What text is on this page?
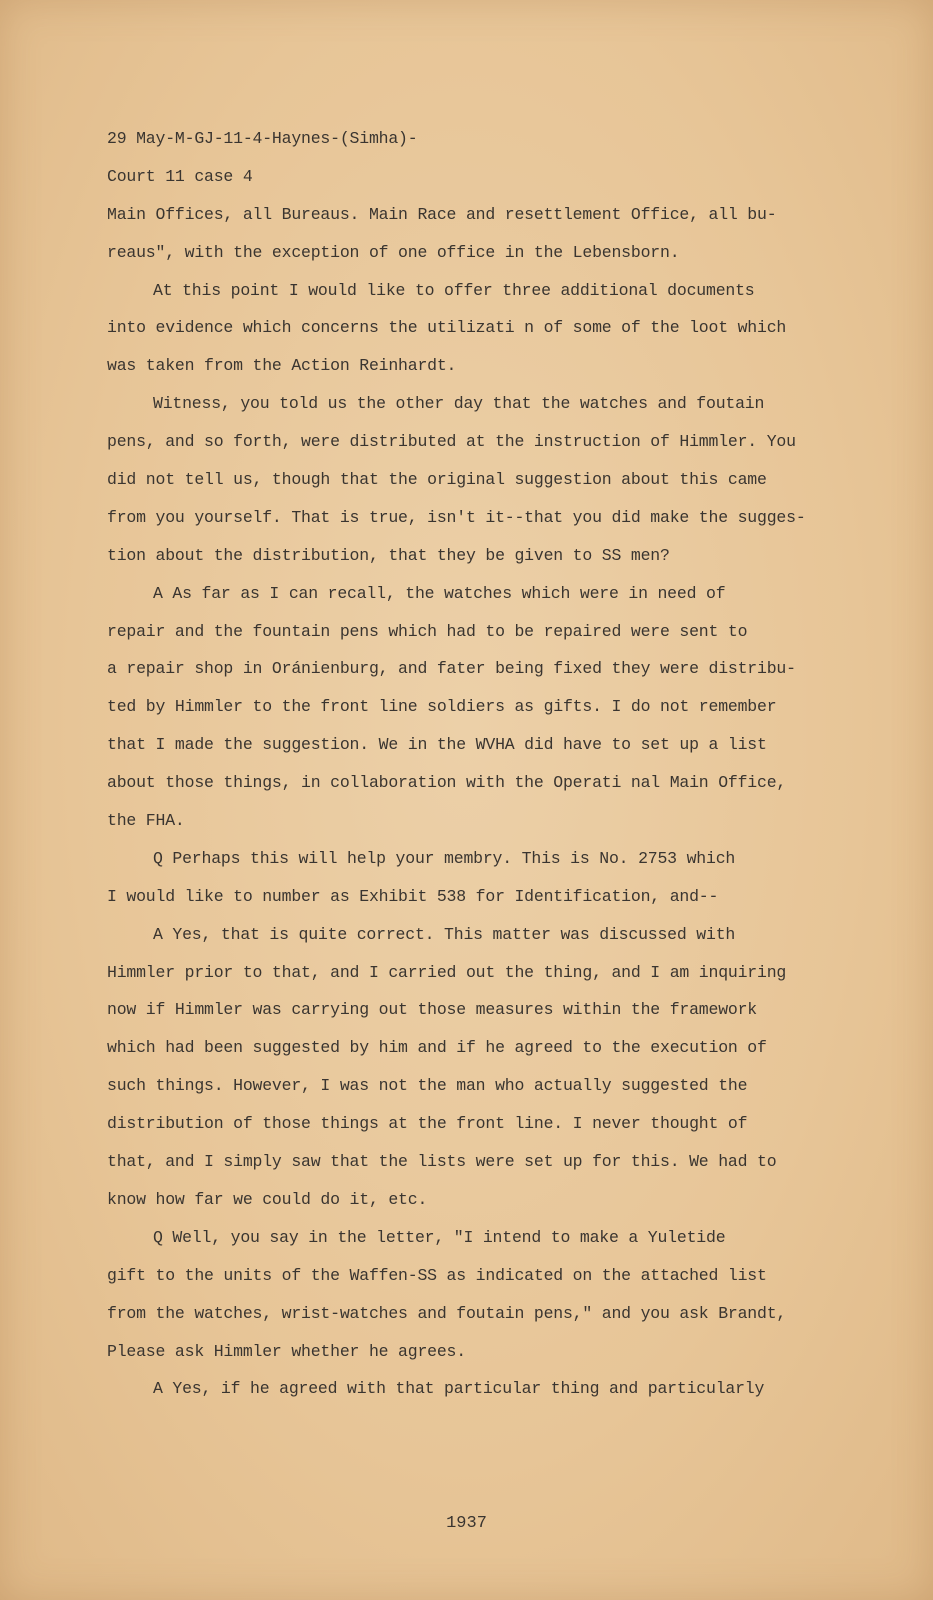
29 May-M-GJ-11-4-Haynes-(Simha)-
Court 11 case 4
Main Offices, all Bureaus. Main Race and resettlement Office, all bu-
reaus", with the exception of one office in the Lebensborn.
At this point I would like to offer three additional documents
into evidence which concerns the utilizati n of some of the loot which
was taken from the Action Reinhardt.
Witness, you told us the other day that the watches and foutain
pens, and so forth, were distributed at the instruction of Himmler. You
did not tell us, though that the original suggestion about this came
from you yourself. That is true, isn't it--that you did make the sugges-
tion about the distribution, that they be given to SS men?
A As far as I can recall, the watches which were in need of
repair and the fountain pens which had to be repaired were sent to
a repair shop in Oránienburg, and fater being fixed they were distribu-
ted by Himmler to the front line soldiers as gifts. I do not remember
that I made the suggestion. We in the WVHA did have to set up a list
about those things, in collaboration with the Operati nal Main Office,
the FHA.
Q Perhaps this will help your membry. This is No. 2753 which
I would like to number as Exhibit 538 for Identification, and--
A Yes, that is quite correct. This matter was discussed with
Himmler prior to that, and I carried out the thing, and I am inquiring
now if Himmler was carrying out those measures within the framework
which had been suggested by him and if he agreed to the execution of
such things. However, I was not the man who actually suggested the
distribution of those things at the front line. I never thought of
that, and I simply saw that the lists were set up for this. We had to
know how far we could do it, etc.
Q Well, you say in the letter, "I intend to make a Yuletide
gift to the units of the Waffen-SS as indicated on the attached list
from the watches, wrist-watches and foutain pens," and you ask Brandt,
Please ask Himmler whether he agrees.
A Yes, if he agreed with that particular thing and particularly
1937
